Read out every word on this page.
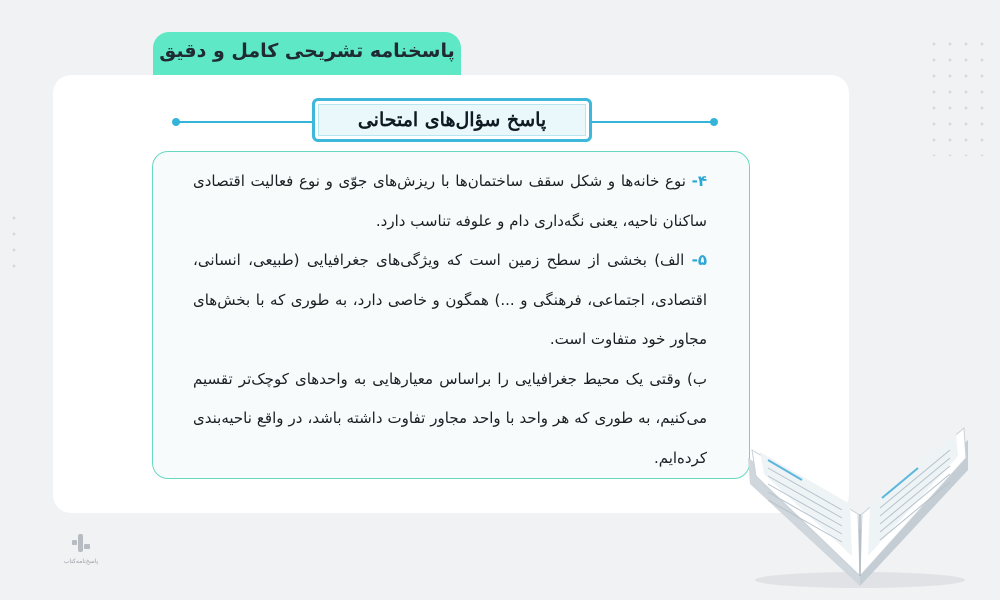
پاسخنامه تشریحی کامل و دقیق
پاسخ سؤال‌های امتحانی

۴- نوع خانه‌ها و شکل سقف ساختمان‌ها با ریزش‌های جوّی و نوع فعالیت اقتصادی ساکنان ناحیه، یعنی نگه‌داری دام و علوفه تناسب دارد.

۵- الف) بخشی از سطح زمین است که ویژگی‌های جغرافیایی (طبیعی، انسانی، اقتصادی، اجتماعی، فرهنگی و ...) همگون و خاصی دارد، به طوری که با بخش‌های مجاور خود متفاوت است.

ب) وقتی یک محیط جغرافیایی را براساس معیارهایی به واحدهای کوچک‌تر تقسیم می‌کنیم، به طوری که هر واحد با واحد مجاور تفاوت داشته باشد، در واقع ناحیه‌بندی کرده‌ایم.

پاسخ‌نامه‌کتاب
